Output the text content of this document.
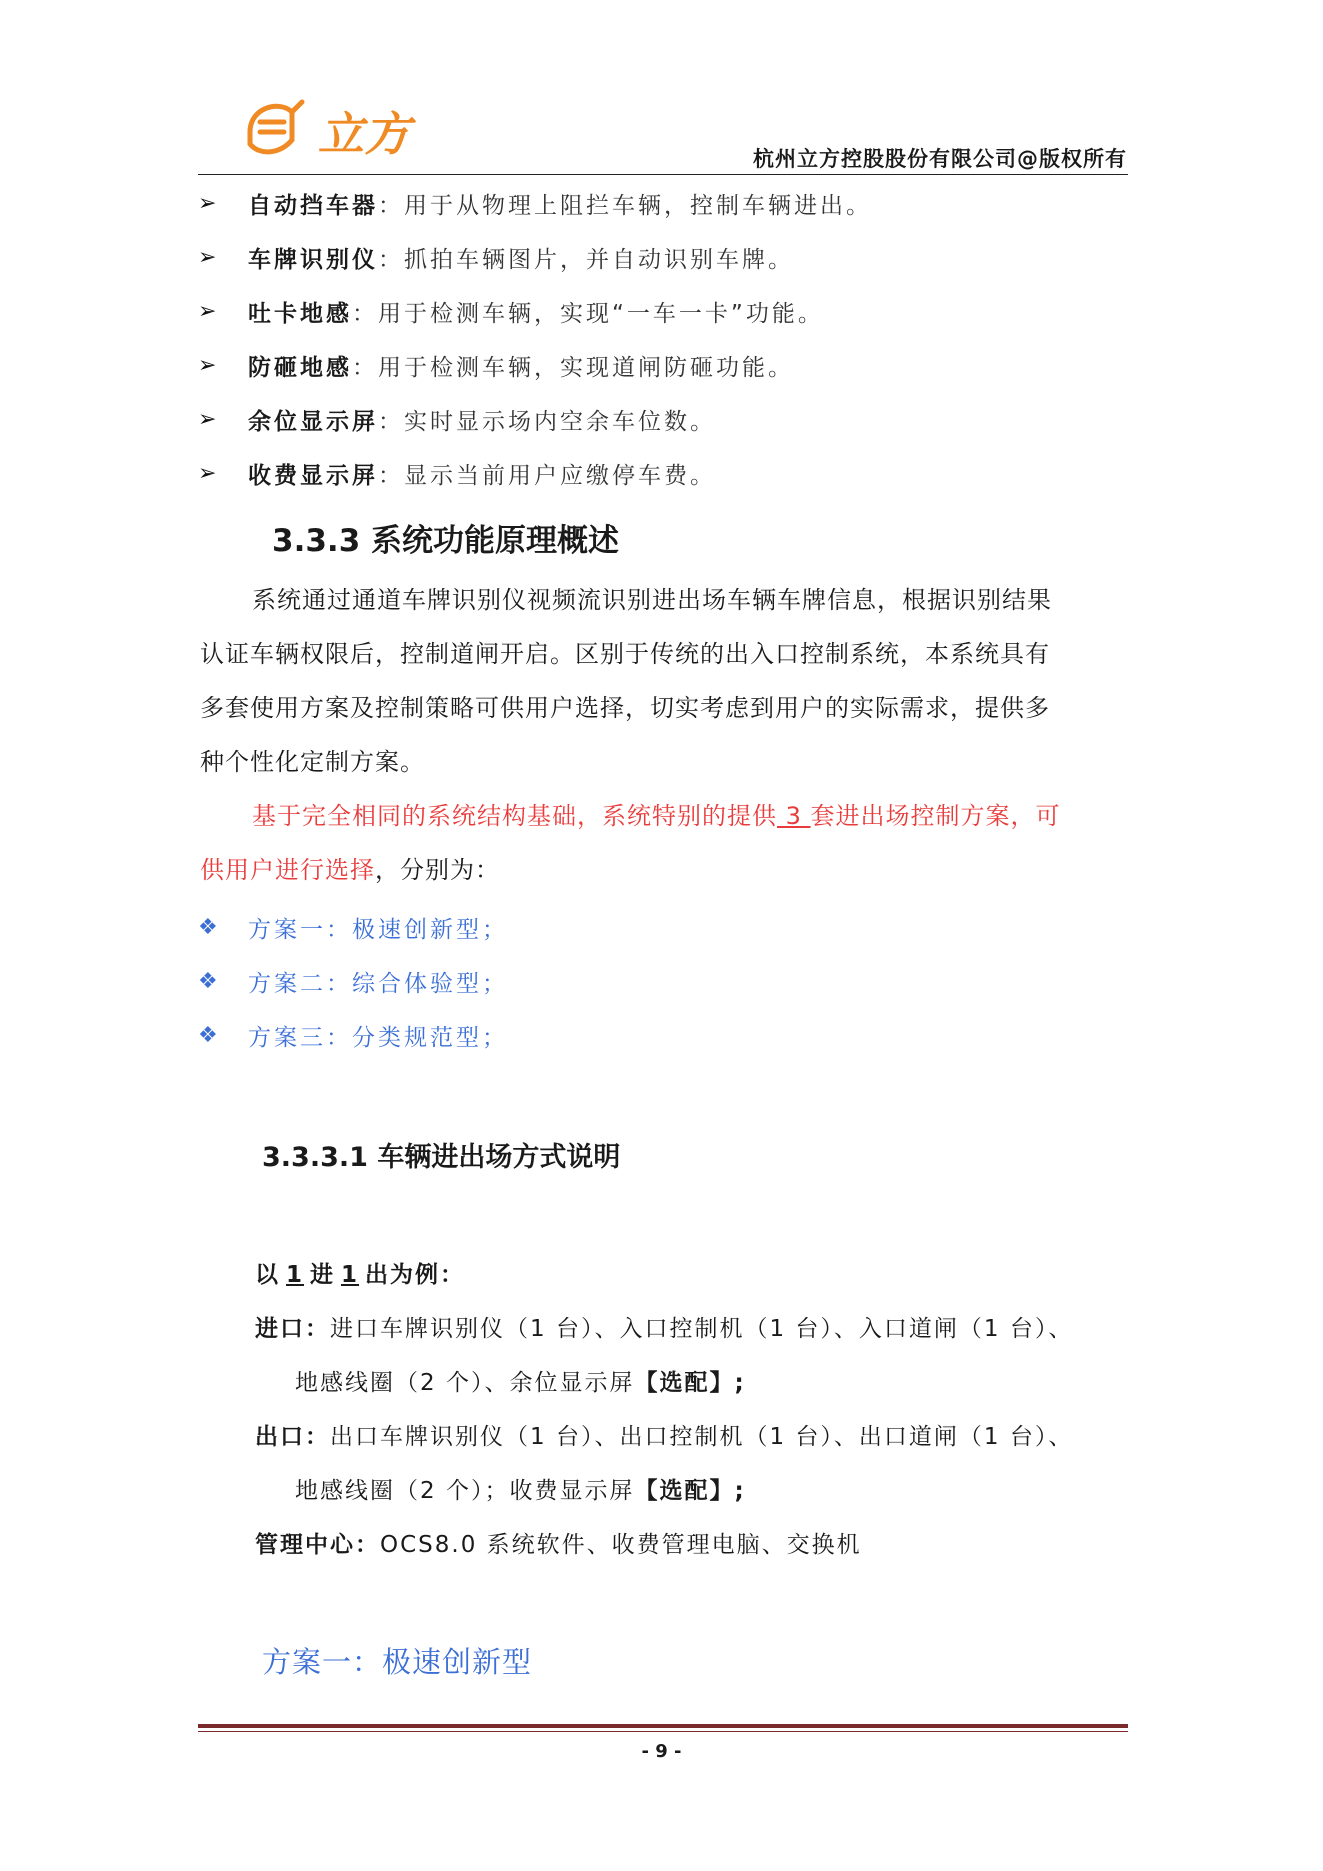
立方	杭州立方控股股份有限公司@版权所有
➢	自动挡车器 ：用于从物理上阻拦车辆，控制车辆进出。
➢	车牌识别仪 ：抓拍车辆图片，并自动识别车牌。
➢	吐卡地感 ：用于检测车辆，实现“一车一卡”功能。
➢	防砸地感 ：用于检测车辆，实现道闸防砸功能。
➢	余位显示屏 ：实时显示场内空余车位数。
➢	收费显示屏 ：显示当前用户应缴停车费。
3.3.3 系统功能原理概述
系统通过通道车牌识别仪视频流识别进出场车辆车牌信息，根据识别结果
认证车辆权限后，控制道闸开启。区别于传统的出入口控制系统，本系统具有
多套使用方案及控制策略可供用户选择，切实考虑到用户的实际需求，提供多
种个性化定制方案。
基于完全相同的系统结构基础，系统特别的提供 3 套进出场控制方案，可
供用户进行选择，分别为：
❖	方案一：极速创新型；
❖	方案二：综合体验型；
❖	方案三：分类规范型；
3.3.3.1 车辆进出场方式说明
以 1 进 1 出为例：
进口：进口车牌识别仪（1 台）、入口控制机（1 台）、入口道闸（1 台）、
地感线圈（2 个）、余位显示屏【选配】;
出口：出口车牌识别仪（1 台）、出口控制机（1 台）、出口道闸（1 台）、
地感线圈（2 个）；收费显示屏【选配】;
管理中心：OCS8.0 系统软件、收费管理电脑、交换机
方案一：极速创新型
- 9 -
